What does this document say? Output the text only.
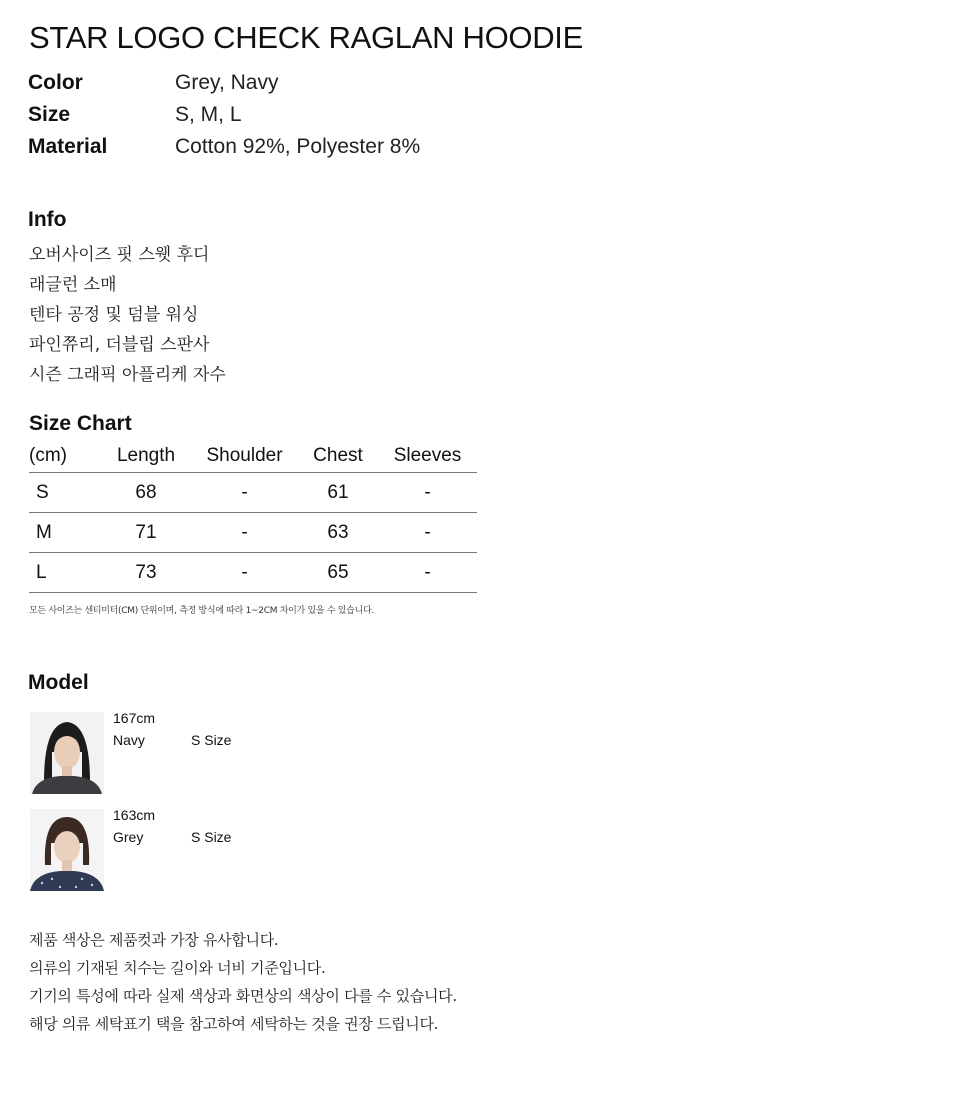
STAR LOGO CHECK RAGLAN HOODIE
Color	Grey, Navy
Size	S, M, L
Material	Cotton 92%, Polyester 8%
Info
오버사이즈 핏 스웻 후디
래글런 소매
텐타 공정 및 덤블 워싱
파인쮸리, 더블립 스판사
시즌 그래픽 아플리케 자수
Size Chart
(cm)	Length	Shoulder	Chest	Sleeves
S	68	-	61	-
M	71	-	63	-
L	73	-	65	-
모든 사이즈는 센티미터(CM) 단위이며, 측정 방식에 따라 1~2CM 차이가 있을 수 있습니다.
Model
167cm
Navy	S Size
163cm
Grey	S Size
제품 색상은 제품컷과 가장 유사합니다.
의류의 기재된 치수는 길이와 너비 기준입니다.
기기의 특성에 따라 실제 색상과 화면상의 색상이 다를 수 있습니다.
해당 의류 세탁표기 택을 참고하여 세탁하는 것을 권장 드립니다.
